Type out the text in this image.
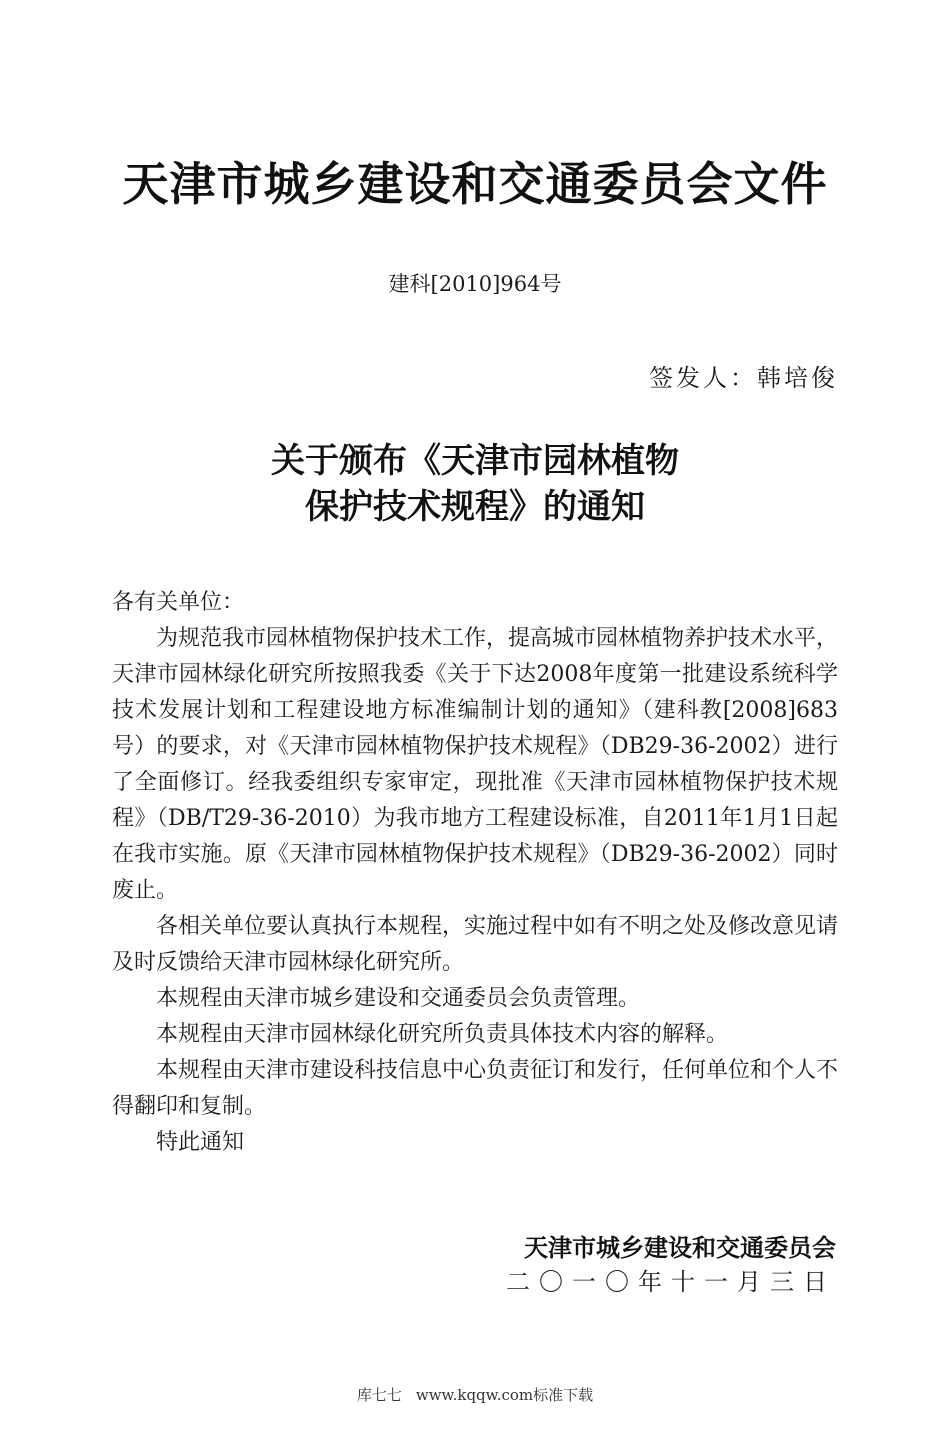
天津市城乡建设和交通委员会文件
建科[2010]964号
签发人：韩培俊
关于颁布《天津市园林植物
保护技术规程》的通知

各有关单位：

为规范我市园林植物保护技术工作，提高城市园林植物养护技术水平，天津市园林绿化研究所按照我委《关于下达2008年度第一批建设系统科学技术发展计划和工程建设地方标准编制计划的通知》（建科教[2008]683号）的要求，对《天津市园林植物保护技术规程》（DB29-36-2002）进行了全面修订。经我委组织专家审定，现批准《天津市园林植物保护技术规程》（DB/T29-36-2010）为我市地方工程建设标准，自2011年1月1日起在我市实施。原《天津市园林植物保护技术规程》（DB29-36-2002）同时废止。

各相关单位要认真执行本规程，实施过程中如有不明之处及修改意见请及时反馈给天津市园林绿化研究所。

本规程由天津市城乡建设和交通委员会负责管理。

本规程由天津市园林绿化研究所负责具体技术内容的解释。

本规程由天津市建设科技信息中心负责征订和发行，任何单位和个人不得翻印和复制。

特此通知

天津市城乡建设和交通委员会
二〇一〇年十一月三日
库七七 www.kqqw.com标准下载
